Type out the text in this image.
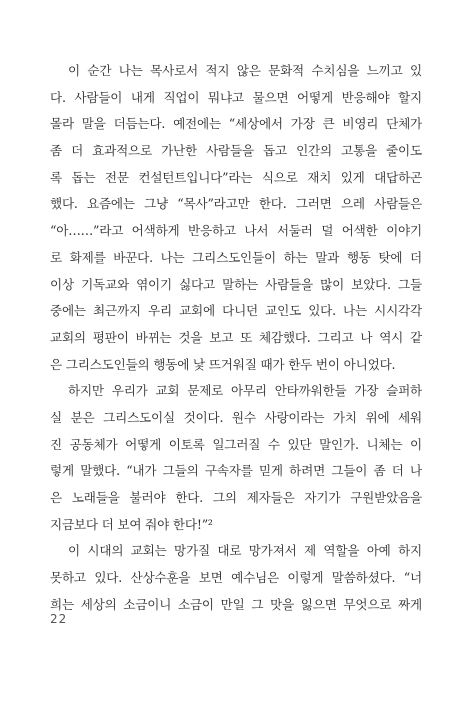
이 순간 나는 목사로서 적지 않은 문화적 수치심을 느끼고 있
다. 사람들이 내게 직업이 뭐냐고 물으면 어떻게 반응해야 할지
몰라 말을 더듬는다. 예전에는 “세상에서 가장 큰 비영리 단체가
좀 더 효과적으로 가난한 사람들을 돕고 인간의 고통을 줄이도
록 돕는 전문 컨설턴트입니다”라는 식으로 재치 있게 대답하곤
했다. 요즘에는 그냥 “목사”라고만 한다. 그러면 으레 사람들은
“아……”라고 어색하게 반응하고 나서 서둘러 덜 어색한 이야기
로 화제를 바꾼다. 나는 그리스도인들이 하는 말과 행동 탓에 더
이상 기독교와 엮이기 싫다고 말하는 사람들을 많이 보았다. 그들
중에는 최근까지 우리 교회에 다니던 교인도 있다. 나는 시시각각
교회의 평판이 바뀌는 것을 보고 또 체감했다. 그리고 나 역시 같
은 그리스도인들의 행동에 낯 뜨거워질 때가 한두 번이 아니었다.
하지만 우리가 교회 문제로 아무리 안타까워한들 가장 슬퍼하
실 분은 그리스도이실 것이다. 원수 사랑이라는 가치 위에 세워
진 공동체가 어떻게 이토록 일그러질 수 있단 말인가. 니체는 이
렇게 말했다. “내가 그들의 구속자를 믿게 하려면 그들이 좀 더 나
은 노래들을 불러야 한다. 그의 제자들은 자기가 구원받았음을
지금보다 더 보여 줘야 한다!”²
이 시대의 교회는 망가질 대로 망가져서 제 역할을 아예 하지
못하고 있다. 산상수훈을 보면 예수님은 이렇게 말씀하셨다. “너
희는 세상의 소금이니 소금이 만일 그 맛을 잃으면 무엇으로 짜게
22
